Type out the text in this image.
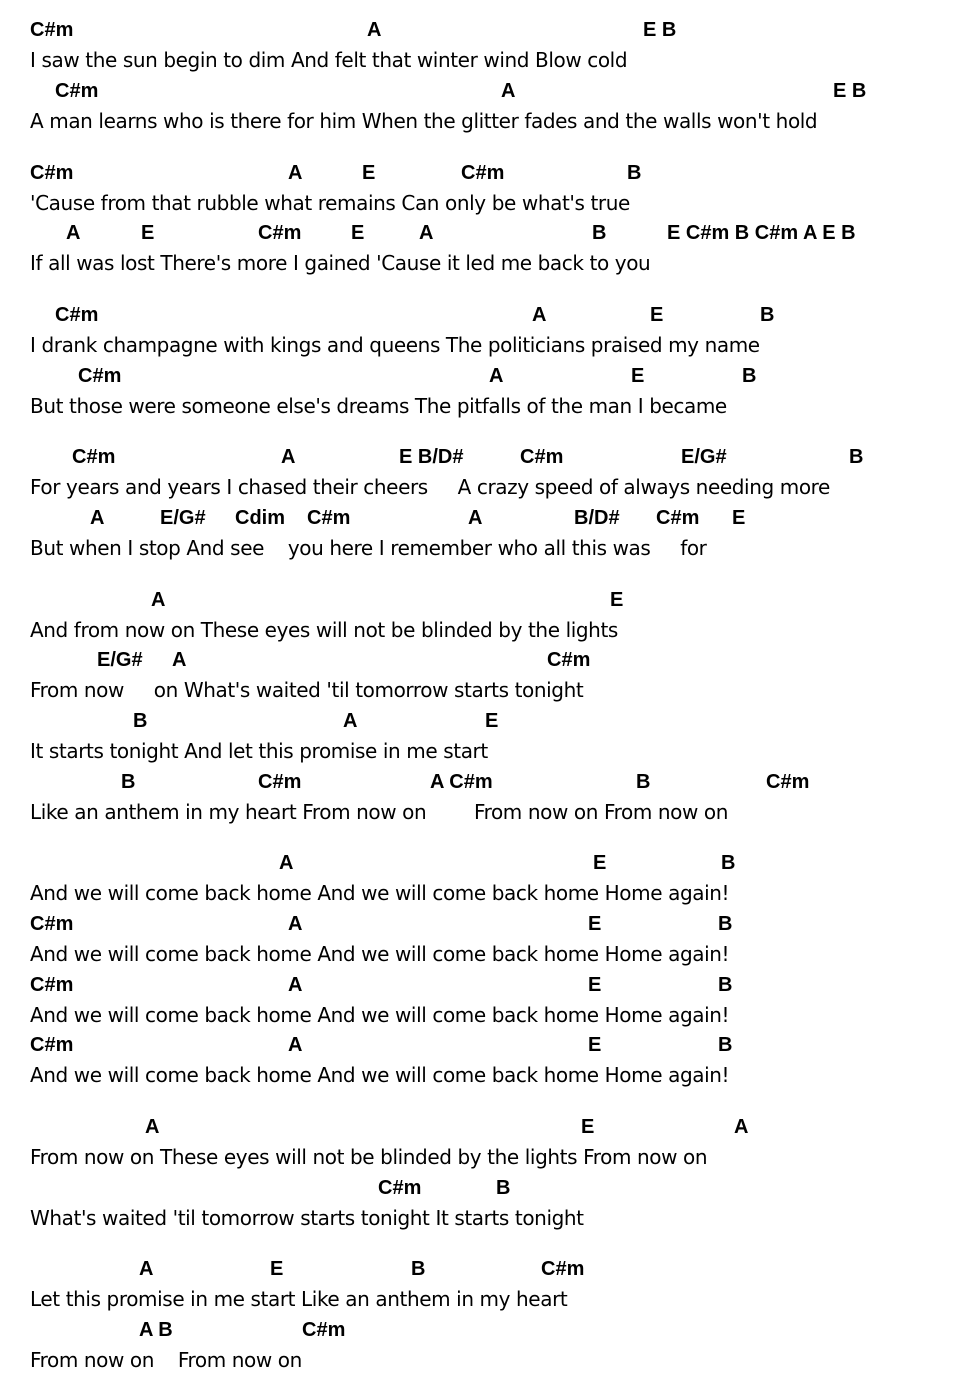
C#m	A	E B
I saw the sun begin to dim And felt that winter wind Blow cold
C#m	A	E B
A man learns who is there for him When the glitter fades and the walls won't hold
C#m	A	E	C#m	B
'Cause from that rubble what remains Can only be what's true
A	E	C#m E	A	B	E C#m B C#m A E B
If all was lost There's more I gained 'Cause it led me back to you
C#m	A	E	B
I drank champagne with kings and queens The politicians praised my name
C#m	A	E	B
But those were someone else's dreams The pitfalls of the man I became
C#m	A	E B/D#	C#m	E/G#	B
For years and years I chased their cheers     A crazy speed of always needing more
A	E/G# Cdim C#m	A	B/D# C#m E
But when I stop And see    you here I remember who all this was     for
A	E
And from now on These eyes will not be blinded by the lights
E/G# A	C#m
From now     on What's waited 'til tomorrow starts tonight
B	A	E
It starts tonight And let this promise in me start
B	C#m	A C#m	B	C#m
Like an anthem in my heart From now on        From now on From now on
A	E	B
And we will come back home And we will come back home Home again!
C#m	A	E	B
And we will come back home And we will come back home Home again!
C#m	A	E	B
And we will come back home And we will come back home Home again!
C#m	A	E	B
And we will come back home And we will come back home Home again!
A	E	A
From now on These eyes will not be blinded by the lights From now on
C#m	B
What's waited 'til tomorrow starts tonight It starts tonight
A	E	B	C#m
Let this promise in me start Like an anthem in my heart
A B	C#m
From now on    From now on
